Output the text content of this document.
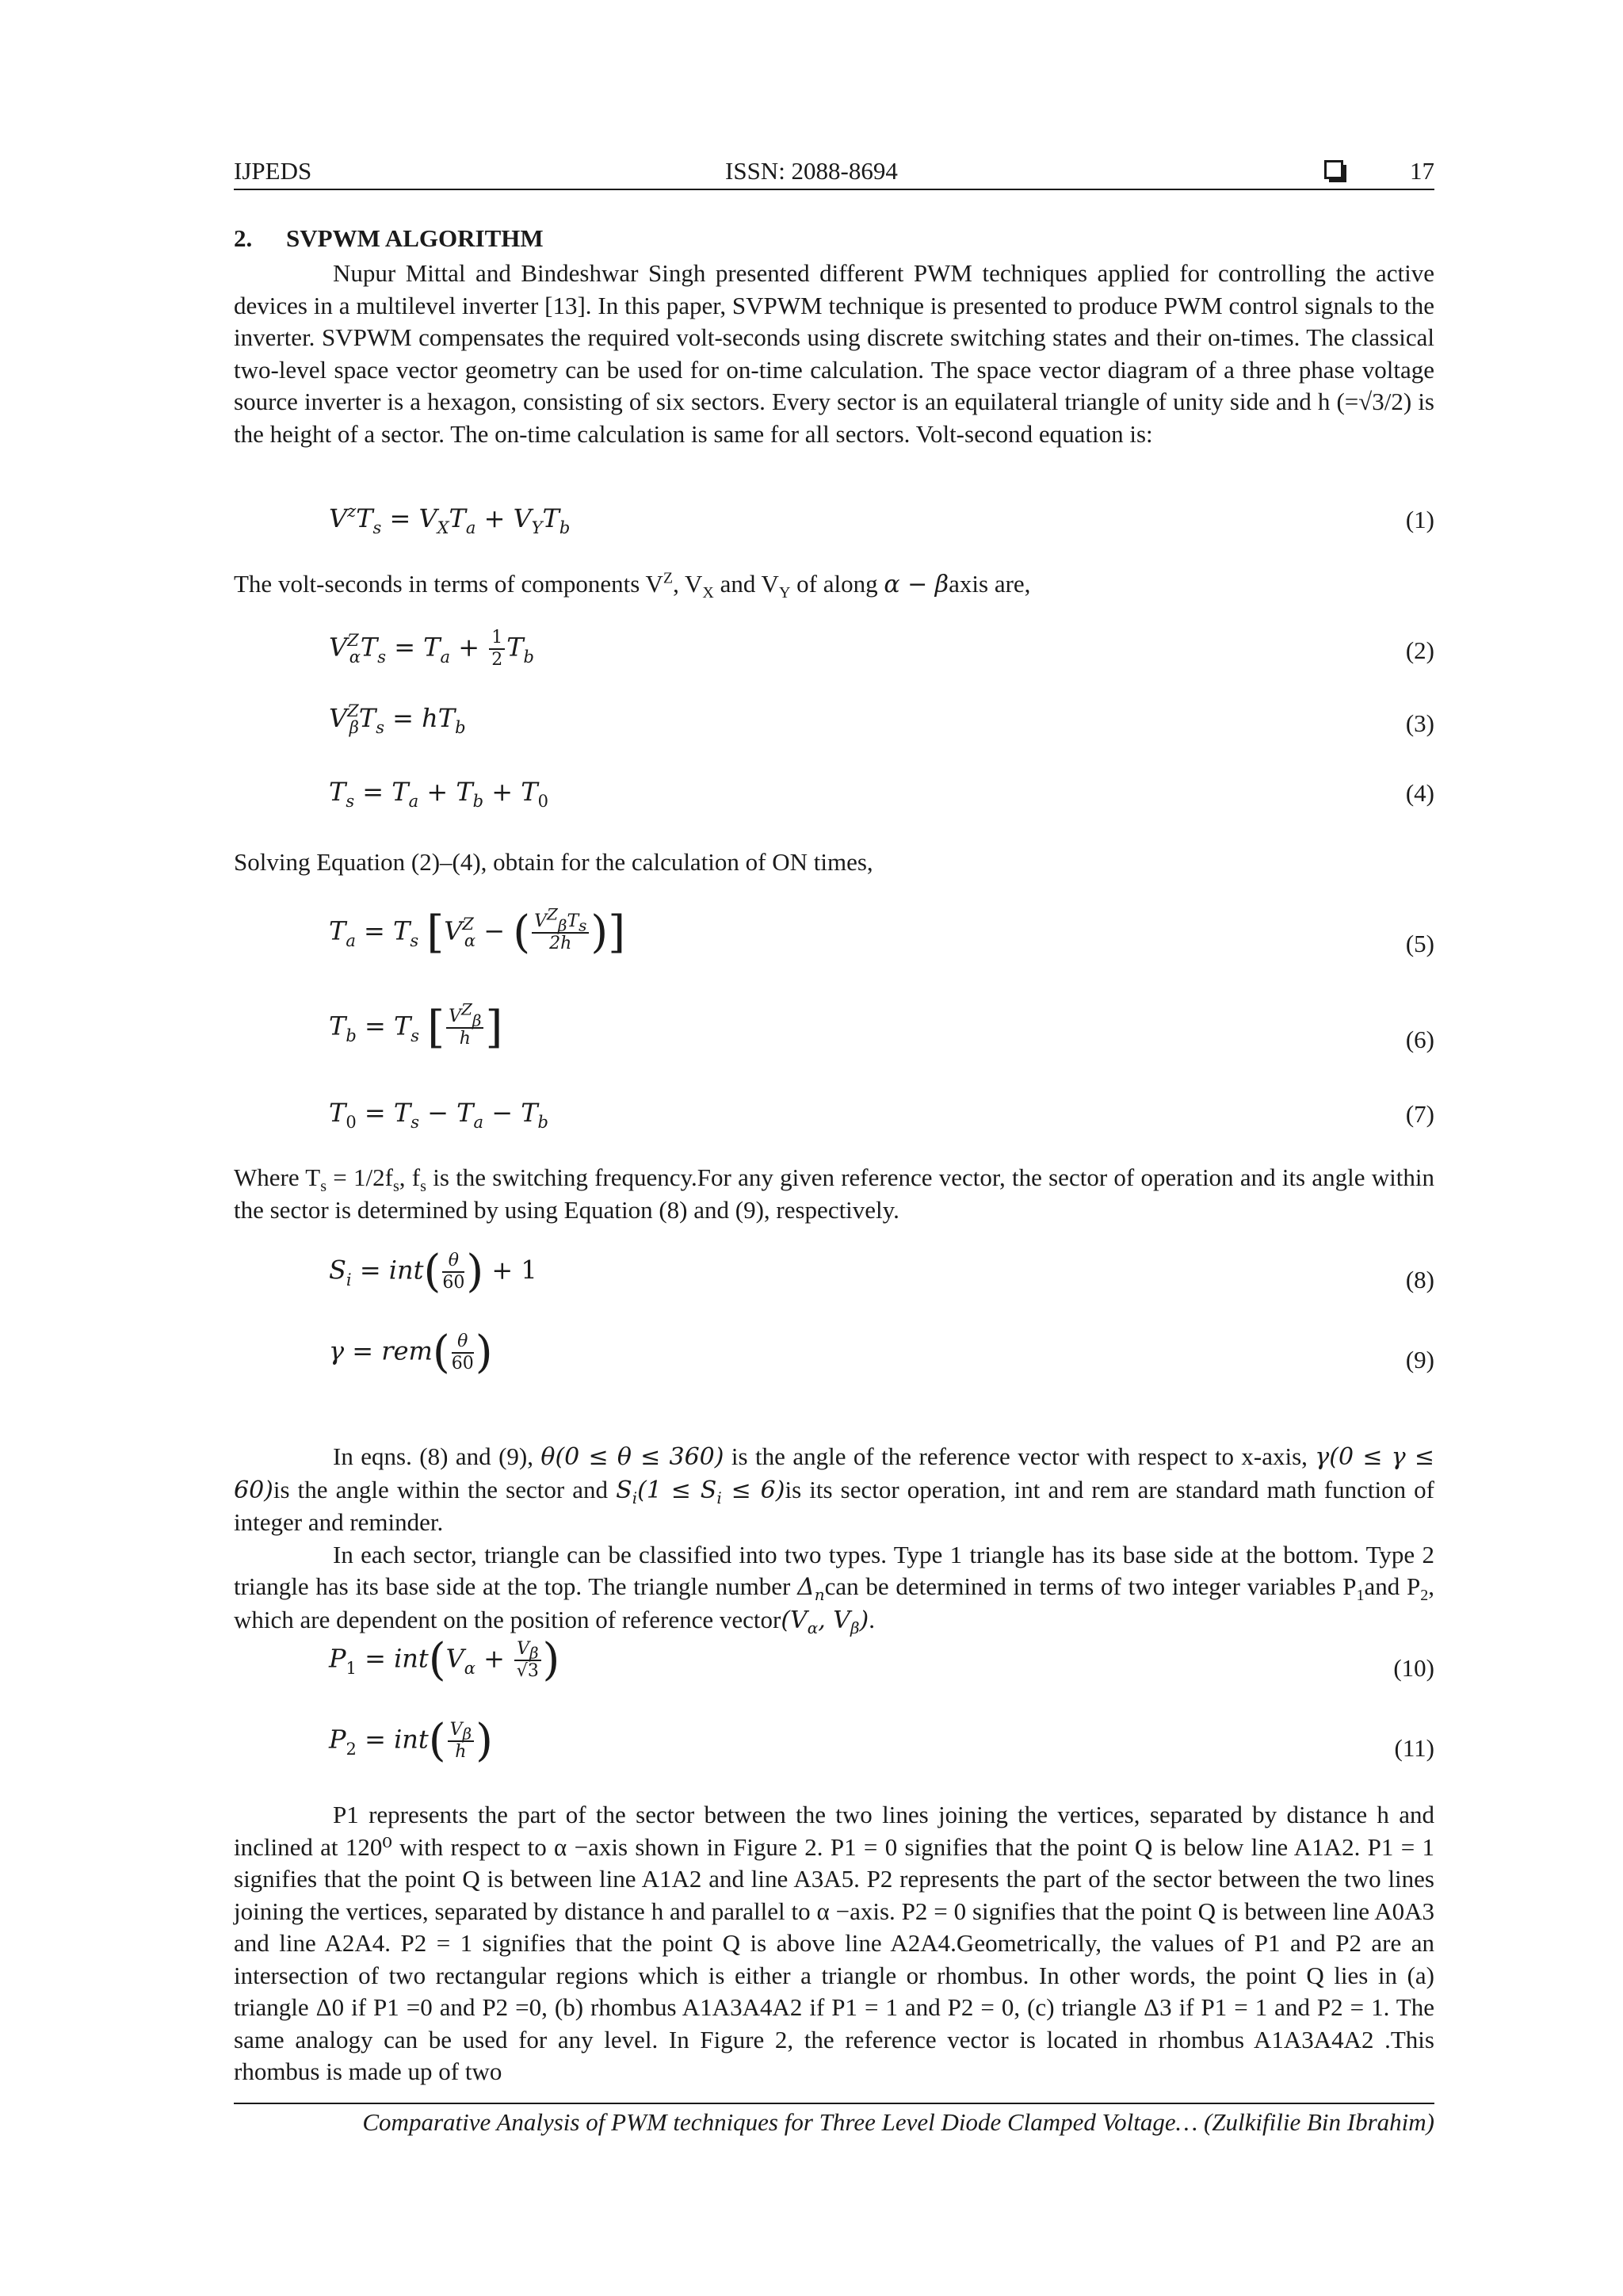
IJPEDS	ISSN: 2088-8694	17
2. SVPWM ALGORITHM

Nupur Mittal and Bindeshwar Singh presented different PWM techniques applied for controlling the active devices in a multilevel inverter [13]. In this paper, SVPWM technique is presented to produce PWM control signals to the inverter. SVPWM compensates the required volt-seconds using discrete switching states and their on-times. The classical two-level space vector geometry can be used for on-time calculation. The space vector diagram of a three phase voltage source inverter is a hexagon, consisting of six sectors. Every sector is an equilateral triangle of unity side and h (=√3/2) is the height of a sector. The on-time calculation is same for all sectors. Volt-second equation is:

$V^zT_s = V_XT_a + V_YT_b$	(1)

The volt-seconds in terms of components $V^Z$, $V_X$ and $V_Y$ of along α − βaxis are,

$V^Z_\alpha T_s = T_a + \frac{1}{2} T_b$	(2)
$V^Z_\beta T_s = hT_b$	(3)
$T_s = T_a + T_b + T_0$	(4)

Solving Equation (2)–(4), obtain for the calculation of ON times,

$T_a = T_s$ [$V^Z_\alpha$ − ( $\frac{V^Z_\beta T_s}{2h}$ )]	(5)
$T_b = T_s$ [ $\frac{V^Z_\beta}{h}$ ]	(6)
$T_0 = T_s - T_a - T_b$	(7)

Where $T_s = 1/2f_s$, $f_s$ is the switching frequency.For any given reference vector, the sector of operation and its angle within the sector is determined by using Equation (8) and (9), respectively.

$S_i = int( \frac{\theta}{60}$ ) + 1	(8)
$\gamma = rem( \frac{\theta}{60}$ )	(9)

In eqns. (8) and (9), θ(0 ≤ θ ≤ 360) is the angle of the reference vector with respect to x-axis, γ(0 ≤ γ ≤ 60)is the angle within the sector and $S_i(1 \le S_i \le 6)is$ its sector operation, int and rem are standard math function of integer and reminder.

In each sector, triangle can be classified into two types. Type 1 triangle has its base side at the bottom. Type 2 triangle has its base side at the top. The triangle number $\Delta_ncan$ be determined in terms of two integer variables $P_1and$ $P_2$, which are dependent on the position of reference $vector(V_\alpha$, $V_\beta$).

$P_1 = int(V_\alpha + \frac{V_\beta}{√3}$ )	(10)
$P_2 = int( \frac{V_\beta}{h}$ )	(11)

P1 represents the part of the sector between the two lines joining the vertices, separated by distance h and inclined at 120⁰ with respect to α −axis shown in Figure 2. P1 = 0 signifies that the point Q is below line A1A2. P1 = 1 signifies that the point Q is between line A1A2 and line A3A5. P2 represents the part of the sector between the two lines joining the vertices, separated by distance h and parallel to α −axis. P2 = 0 signifies that the point Q is between line A0A3 and line A2A4. P2 = 1 signifies that the point Q is above line A2A4.Geometrically, the values of P1 and P2 are an intersection of two rectangular regions which is either a triangle or rhombus. In other words, the point Q lies in (a) triangle Δ0 if P1 =0 and P2 =0, (b) rhombus A1A3A4A2 if P1 = 1 and P2 = 0, (c) triangle Δ3 if P1 = 1 and P2 = 1. The same analogy can be used for any level. In Figure 2, the reference vector is located in rhombus A1A3A4A2 .This rhombus is made up of two

Comparative Analysis of PWM techniques for Three Level Diode Clamped Voltage… (Zulkifilie Bin Ibrahim)
